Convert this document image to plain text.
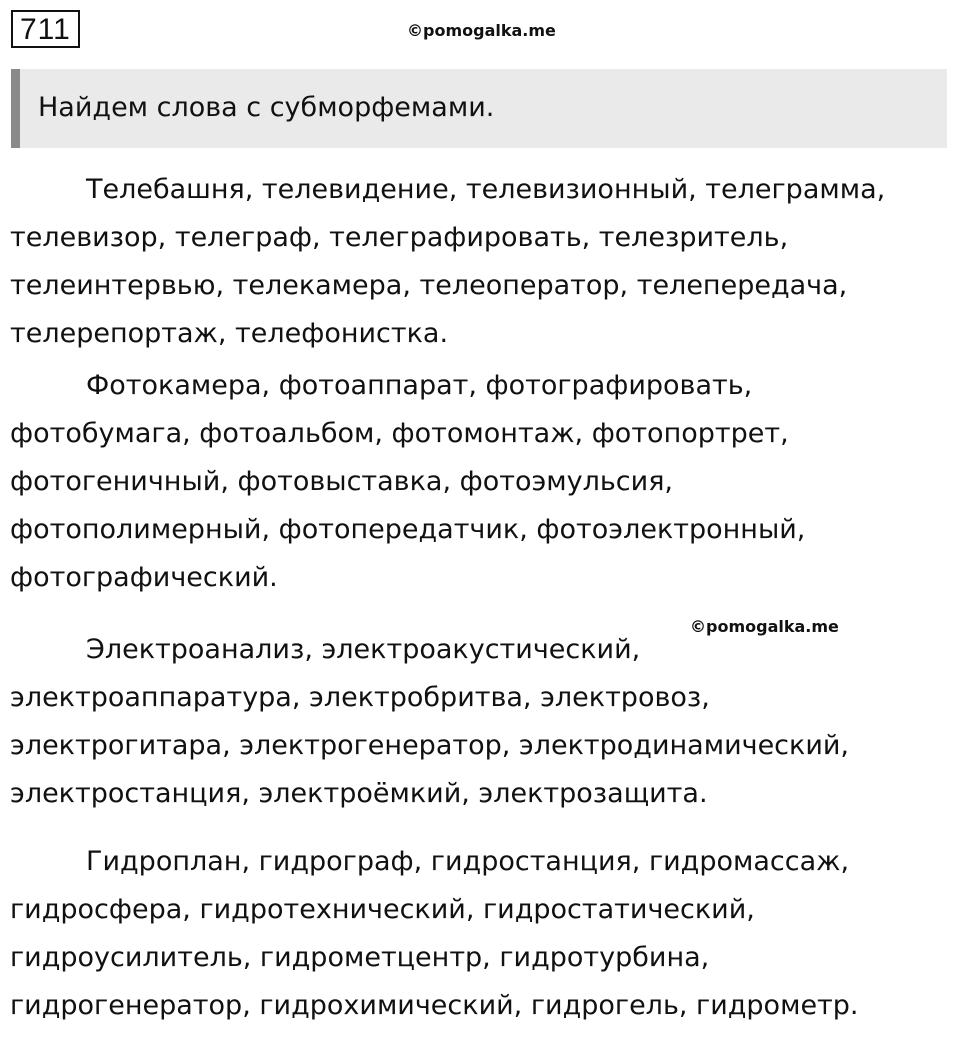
711	©pomogalka.me
Найдем слова с субморфемами.
Телебашня, телевидение, телевизионный, телеграмма,
телевизор, телеграф, телеграфировать, телезритель,
телеинтервью, телекамера, телеоператор, телепередача,
телерепортаж, телефонистка.
Фотокамера, фотоаппарат, фотографировать,
фотобумага, фотоальбом, фотомонтаж, фотопортрет,
фотогеничный, фотовыставка, фотоэмульсия,
фотополимерный, фотопередатчик, фотоэлектронный,
фотографический.
©pomogalka.me
Электроанализ, электроакустический,
электроаппаратура, электробритва, электровоз,
электрогитара, электрогенератор, электродинамический,
электростанция, электроёмкий, электрозащита.
Гидроплан, гидрограф, гидростанция, гидромассаж,
гидросфера, гидротехнический, гидростатический,
гидроусилитель, гидрометцентр, гидротурбина,
гидрогенератор, гидрохимический, гидрогель, гидрометр.
